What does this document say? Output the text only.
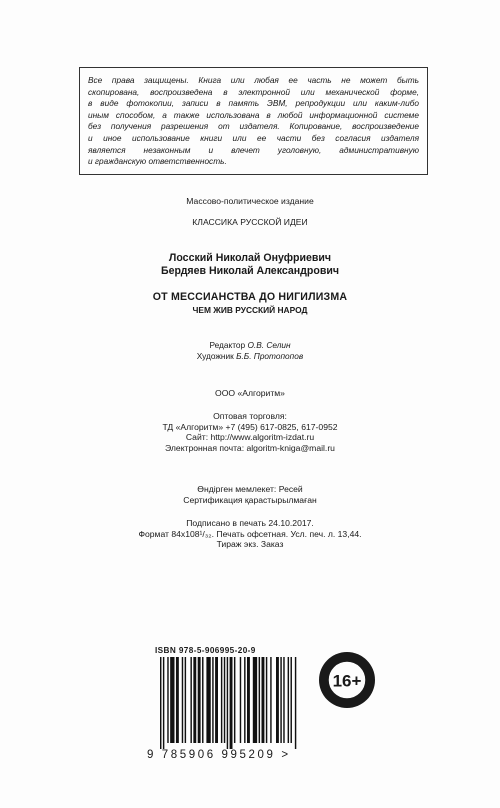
Все права защищены. Книга или любая ее часть не может быть
скопирована, воспроизведена в электронной или механической форме,
в виде фотокопии, записи в память ЭВМ, репродукции или каким-либо
иным способом, а также использована в любой информационной системе
без получения разрешения от издателя. Копирование, воспроизведение
и иное использование книги или ее части без согласия издателя
является незаконным и влечет уголовную, административную
и гражданскую ответственность.
Массово-политическое издание
КЛАССИКА РУССКОЙ ИДЕИ
Лосский Николай Онуфриевич
Бердяев Николай Александрович
ОТ МЕССИАНСТВА ДО НИГИЛИЗМА
ЧЕМ ЖИВ РУССКИЙ НАРОД
Редактор О.В. Селин
Художник Б.Б. Протопопов
ООО «Алгоритм»
Оптовая торговля:
ТД «Алгоритм» +7 (495) 617-0825, 617-0952
Сайт: http://www.algoritm-izdat.ru
Электронная почта: algoritm-kniga@mail.ru
Өндірген мемлекет: Ресей
Сертификация қарастырылмаған
Подписано в печать 24.10.2017.
Формат 84х108¹/₃₂. Печать офсетная. Усл. печ. л. 13,44.
Тираж экз. Заказ
ISBN 978-5-906995-20-9
9 785906 995209 >
16+
